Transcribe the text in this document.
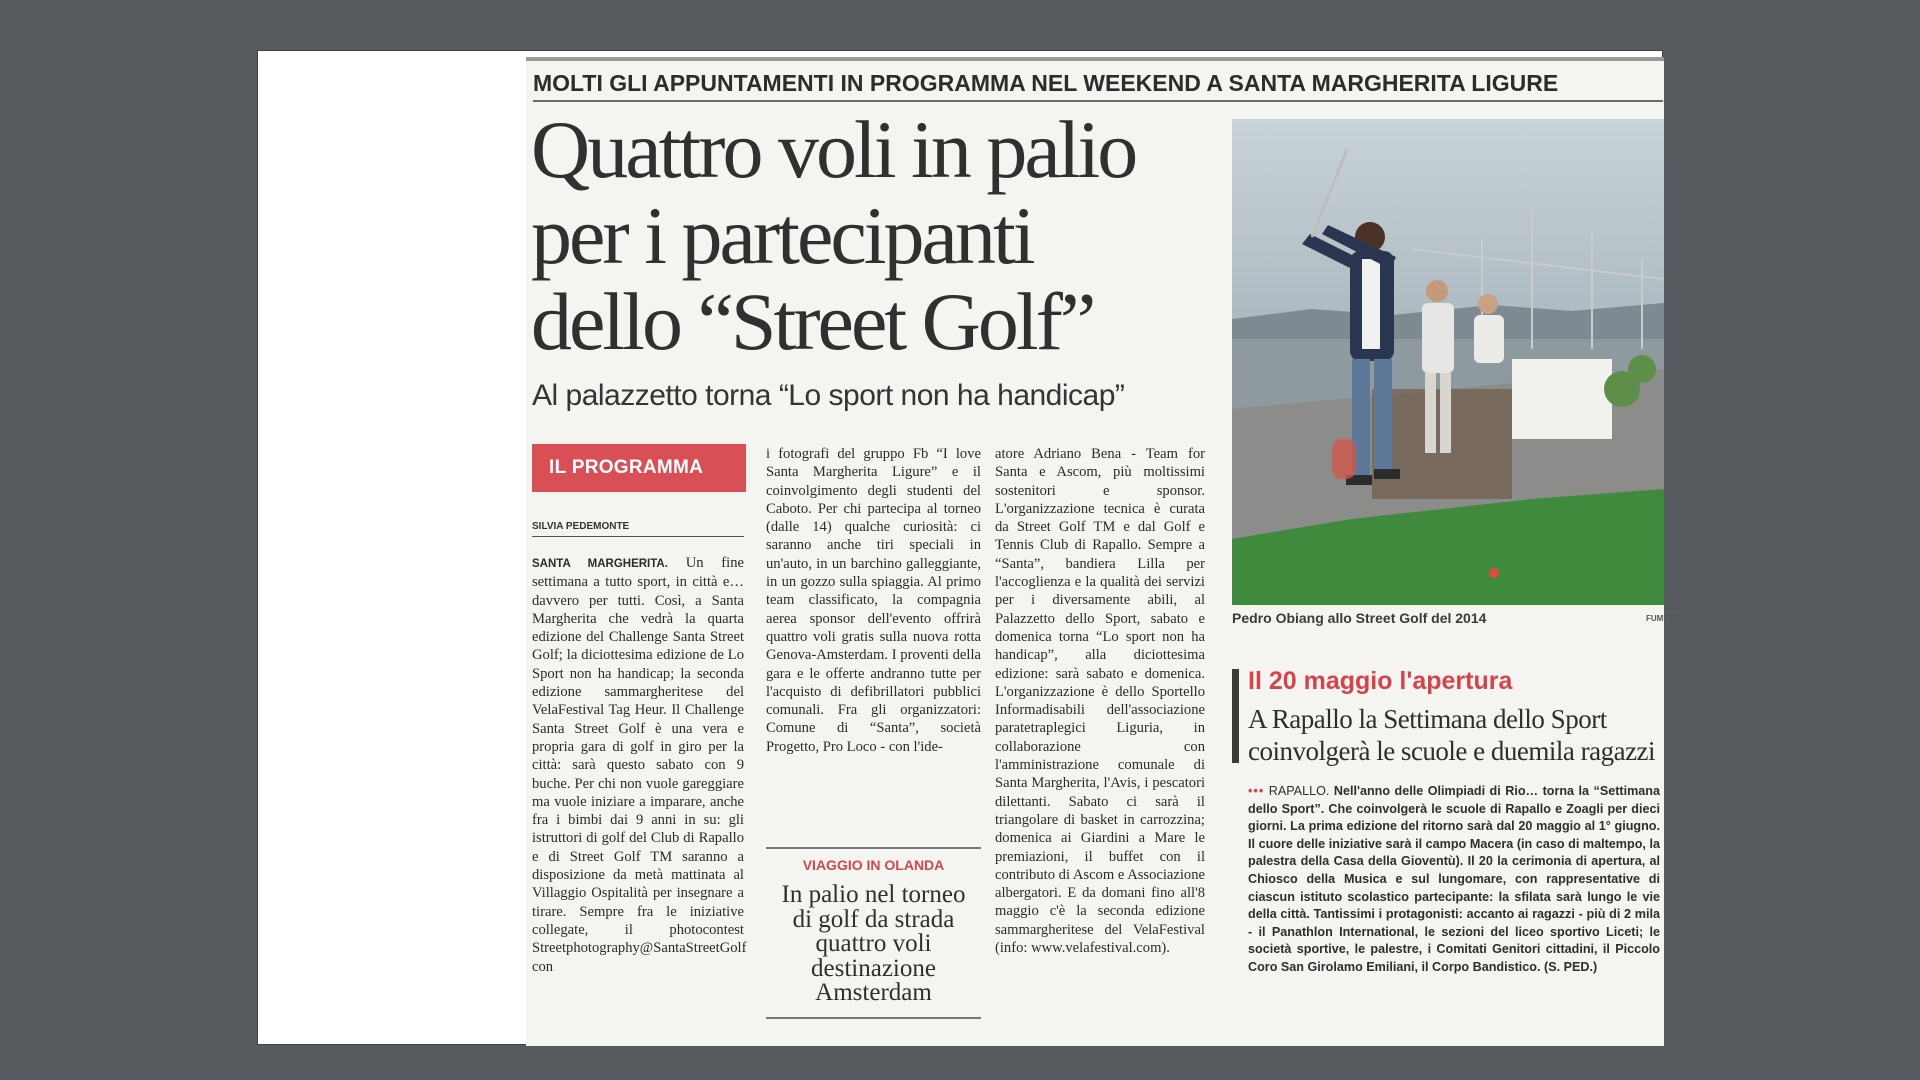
MOLTI GLI APPUNTAMENTI IN PROGRAMMA NEL WEEKEND A SANTA MARGHERITA LIGURE
Quattro voli in palio
per i partecipanti
dello “Street Golf”
Al palazzetto torna “Lo sport non ha handicap”
Pedro Obiang allo Street Golf del 2014	FUMETTO
IL PROGRAMMA
SILVIA PEDEMONTE
SANTA MARGHERITA. Un fine settimana a tutto sport, in città e… davvero per tutti. Così, a Santa Margherita che vedrà la quarta edizione del Challenge Santa Street Golf; la diciottesima edizione de Lo Sport non ha handicap; la seconda edizione sammargheritese del VelaFestival Tag Heur. Il Challenge Santa Street Golf è una vera e propria gara di golf in giro per la città: sarà questo sabato con 9 buche. Per chi non vuole gareggiare ma vuole iniziare a imparare, anche fra i bimbi dai 9 anni in su: gli istruttori di golf del Club di Rapallo e di Street Golf TM saranno a disposizione da metà mattinata al Villaggio Ospitalità per insegnare a tirare. Sempre fra le iniziative collegate, il photocontest Streetphotography@SantaStreetGolf con
i fotografi del gruppo Fb “I love Santa Margherita Ligure” e il coinvolgimento degli studenti del Caboto. Per chi partecipa al torneo (dalle 14) qualche curiosità: ci saranno anche tiri speciali in un'auto, in un barchino galleggiante, in un gozzo sulla spiaggia. Al primo team classificato, la compagnia aerea sponsor dell'evento offrirà quattro voli gratis sulla nuova rotta Genova-Amsterdam. I proventi della gara e le offerte andranno tutte per l'acquisto di defibrillatori pubblici comunali. Fra gli organizzatori: Comune di “Santa”, società Progetto, Pro Loco - con l'ide-
atore Adriano Bena - Team for Santa e Ascom, più moltissimi sostenitori e sponsor. L'organizzazione tecnica è curata da Street Golf TM e dal Golf e Tennis Club di Rapallo. Sempre a “Santa”, bandiera Lilla per l'accoglienza e la qualità dei servizi per i diversamente abili, al Palazzetto dello Sport, sabato e domenica torna “Lo sport non ha handicap”, alla diciottesima edizione: sarà sabato e domenica. L'organizzazione è dello Sportello Informadisabili dell'associazione paratetraplegici Liguria, in collaborazione con l'amministrazione comunale di Santa Margherita, l'Avis, i pescatori dilettanti. Sabato ci sarà il triangolare di basket in carrozzina; domenica ai Giardini a Mare le premiazioni, il buffet con il contributo di Ascom e Associazione albergatori. E da domani fino all'8 maggio c'è la seconda edizione sammargheritese del VelaFestival (info: www.velafestival.com).
VIAGGIO IN OLANDA
In palio nel torneo
di golf da strada
quattro voli
destinazione
Amsterdam
Il 20 maggio l'apertura
A Rapallo la Settimana dello Sport
coinvolgerà le scuole e duemila ragazzi
••• RAPALLO. Nell'anno delle Olimpiadi di Rio… torna la “Settimana dello Sport”. Che coinvolgerà le scuole di Rapallo e Zoagli per dieci giorni. La prima edizione del ritorno sarà dal 20 maggio al 1° giugno. Il cuore delle iniziative sarà il campo Macera (in caso di maltempo, la palestra della Casa della Gioventù). Il 20 la cerimonia di apertura, al Chiosco della Musica e sul lungomare, con rappresentative di ciascun istituto scolastico partecipante: la sfilata sarà lungo le vie della città. Tantissimi i protagonisti: accanto ai ragazzi - più di 2 mila - il Panathlon International, le sezioni del liceo sportivo Liceti; le società sportive, le palestre, i Comitati Genitori cittadini, il Piccolo Coro San Girolamo Emiliani, il Corpo Bandistico. (S. PED.)
